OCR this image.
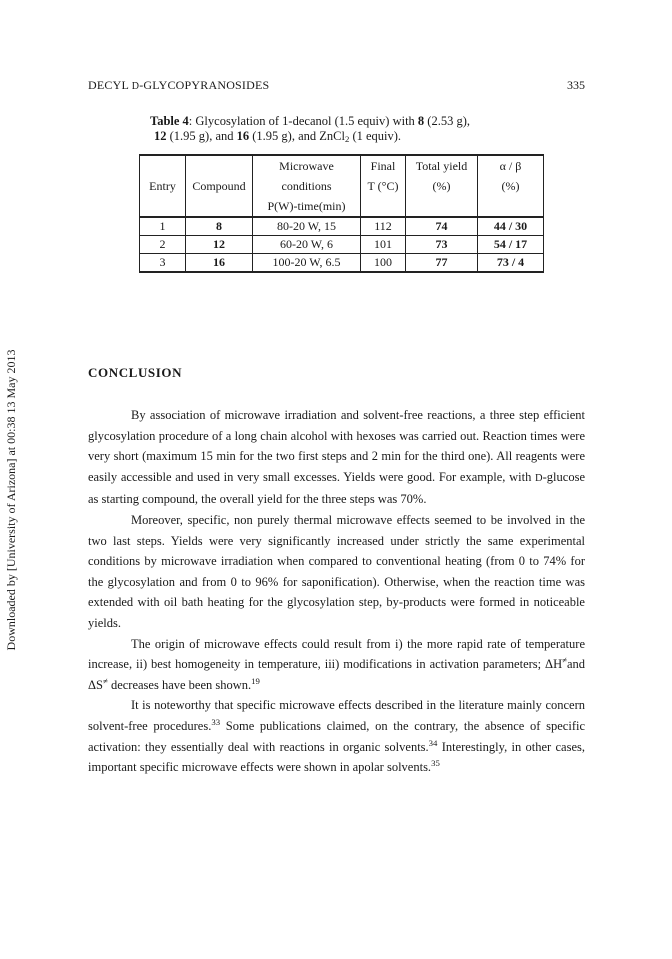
DECYL D-GLYCOPYRANOSIDES	335
Table 4: Glycosylation of 1-decanol (1.5 equiv) with 8 (2.53 g),
12 (1.95 g), and 16 (1.95 g), and ZnCl$_2$ (1 equiv).
		Microwave	Final	Total yield	α / β
Entry	Compound	conditions	T (°C)	(%)	(%)
		P(W)-time(min)			
1	8	80-20 W, 15	112	74	44 / 30
2	12	60-20 W, 6	101	73	54 / 17
3	16	100-20 W, 6.5	100	77	73 / 4
Downloaded by [University of Arizona] at 00:38 13 May 2013	CONCLUSION

By association of microwave irradiation and solvent-free reactions, a three step efficient glycosylation procedure of a long chain alcohol with hexoses was carried out. Reaction times were very short (maximum 15 min for the two first steps and 2 min for the third one). All reagents were easily accessible and used in very small excesses. Yields were good. For example, with D-glucose as starting compound, the overall yield for the three steps was 70%.

Moreover, specific, non purely thermal microwave effects seemed to be involved in the two last steps. Yields were very significantly increased under strictly the same experimental conditions by microwave irradiation when compared to conventional heating (from 0 to 74% for the glycosylation and from 0 to 96% for saponification). Otherwise, when the reaction time was extended with oil bath heating for the glycosylation step, by-products were formed in noticeable yields.

The origin of microwave effects could result from i) the more rapid rate of temperature increase, ii) best homogeneity in temperature, iii) modifications in activation parameters; ΔH≠and ΔS≠ decreases have been shown.$^{19}$

It is noteworthy that specific microwave effects described in the literature mainly concern solvent-free procedures.$^{33}$ Some publications claimed, on the contrary, the absence of specific activation: they essentially deal with reactions in organic solvents.$^{34}$ Interestingly, in other cases, important specific microwave effects were shown in apolar solvents.$^{35}$
